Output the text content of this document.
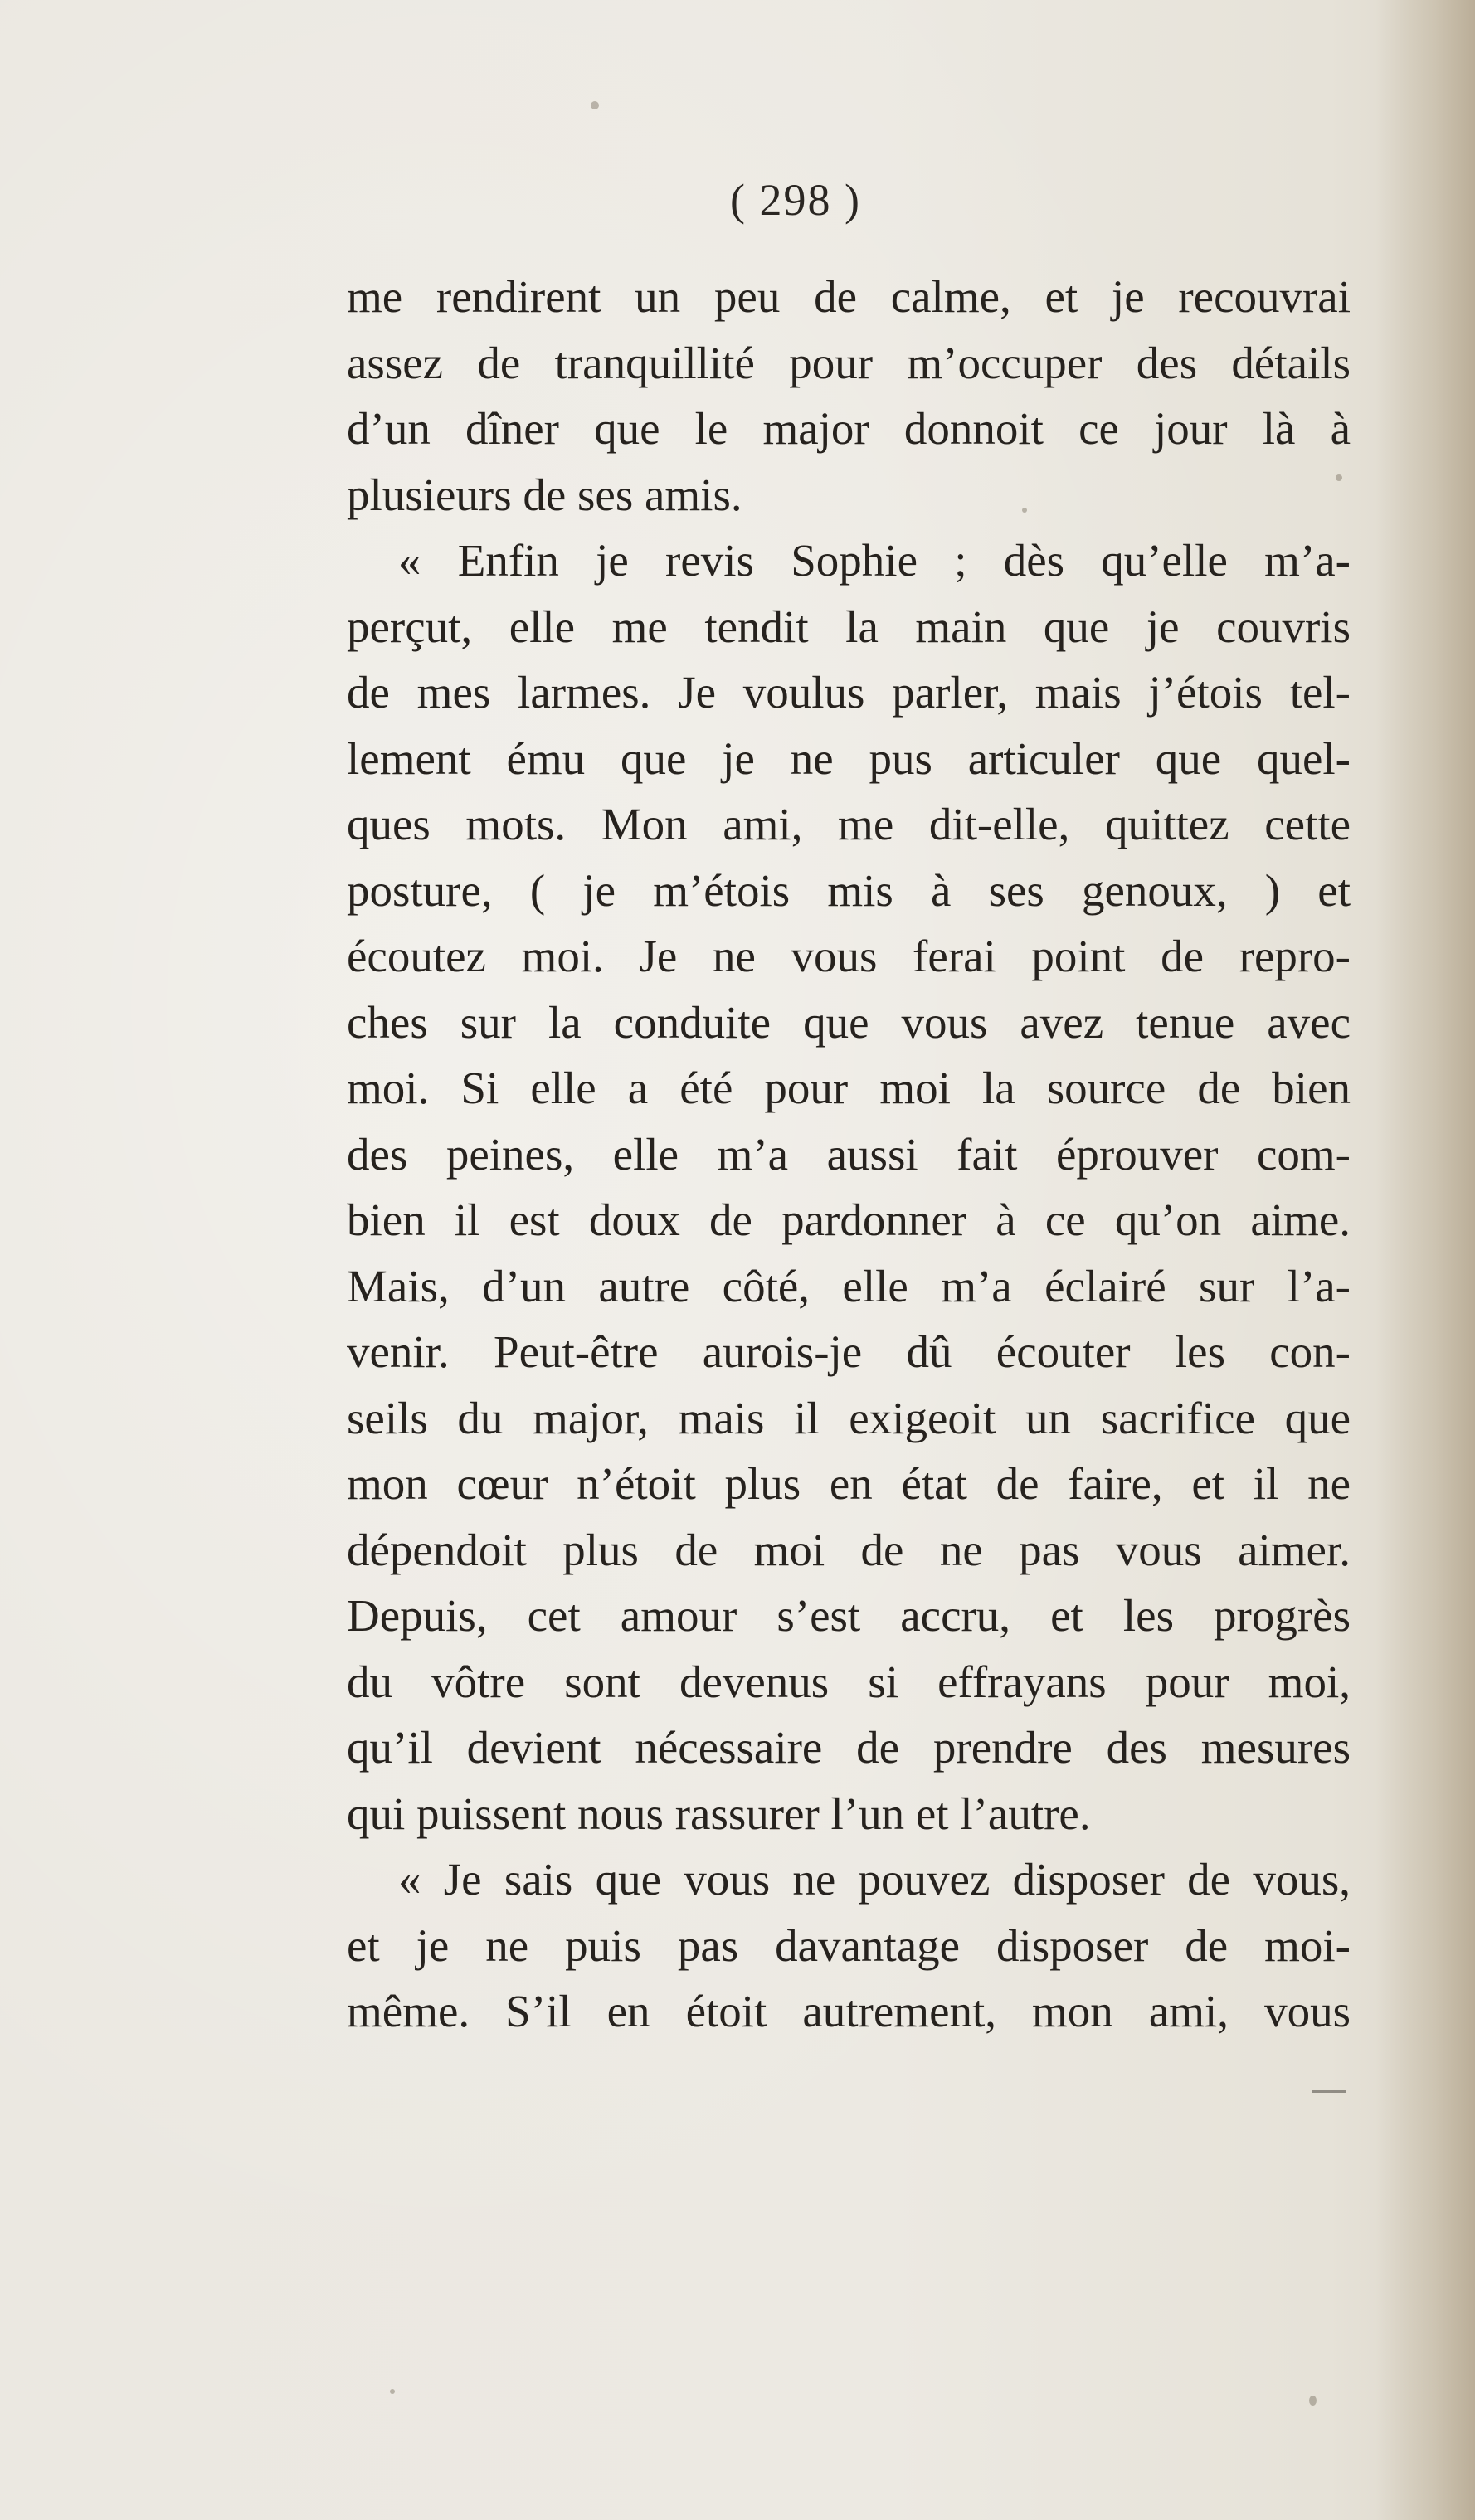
( 298 )
me rendirent un peu de calme, et je recouvrai
assez de tranquillité pour m’occuper des détails
d’un dîner que le major donnoit ce jour là à
plusieurs de ses amis.
« Enfin je revis Sophie ; dès qu’elle m’a-
perçut, elle me tendit la main que je couvris
de mes larmes. Je voulus parler, mais j’étois tel-
lement ému que je ne pus articuler que quel-
ques mots. Mon ami, me dit-elle, quittez cette
posture, ( je m’étois mis à ses genoux, ) et
écoutez moi. Je ne vous ferai point de repro-
ches sur la conduite que vous avez tenue avec
moi. Si elle a été pour moi la source de bien
des peines, elle m’a aussi fait éprouver com-
bien il est doux de pardonner à ce qu’on aime.
Mais, d’un autre côté, elle m’a éclairé sur l’a-
venir. Peut-être aurois-je dû écouter les con-
seils du major, mais il exigeoit un sacrifice que
mon cœur n’étoit plus en état de faire, et il ne
dépendoit plus de moi de ne pas vous aimer.
Depuis, cet amour s’est accru, et les progrès
du vôtre sont devenus si effrayans pour moi,
qu’il devient nécessaire de prendre des mesures
qui puissent nous rassurer l’un et l’autre.
« Je sais que vous ne pouvez disposer de vous,
et je ne puis pas davantage disposer de moi-
même. S’il en étoit autrement, mon ami, vous
